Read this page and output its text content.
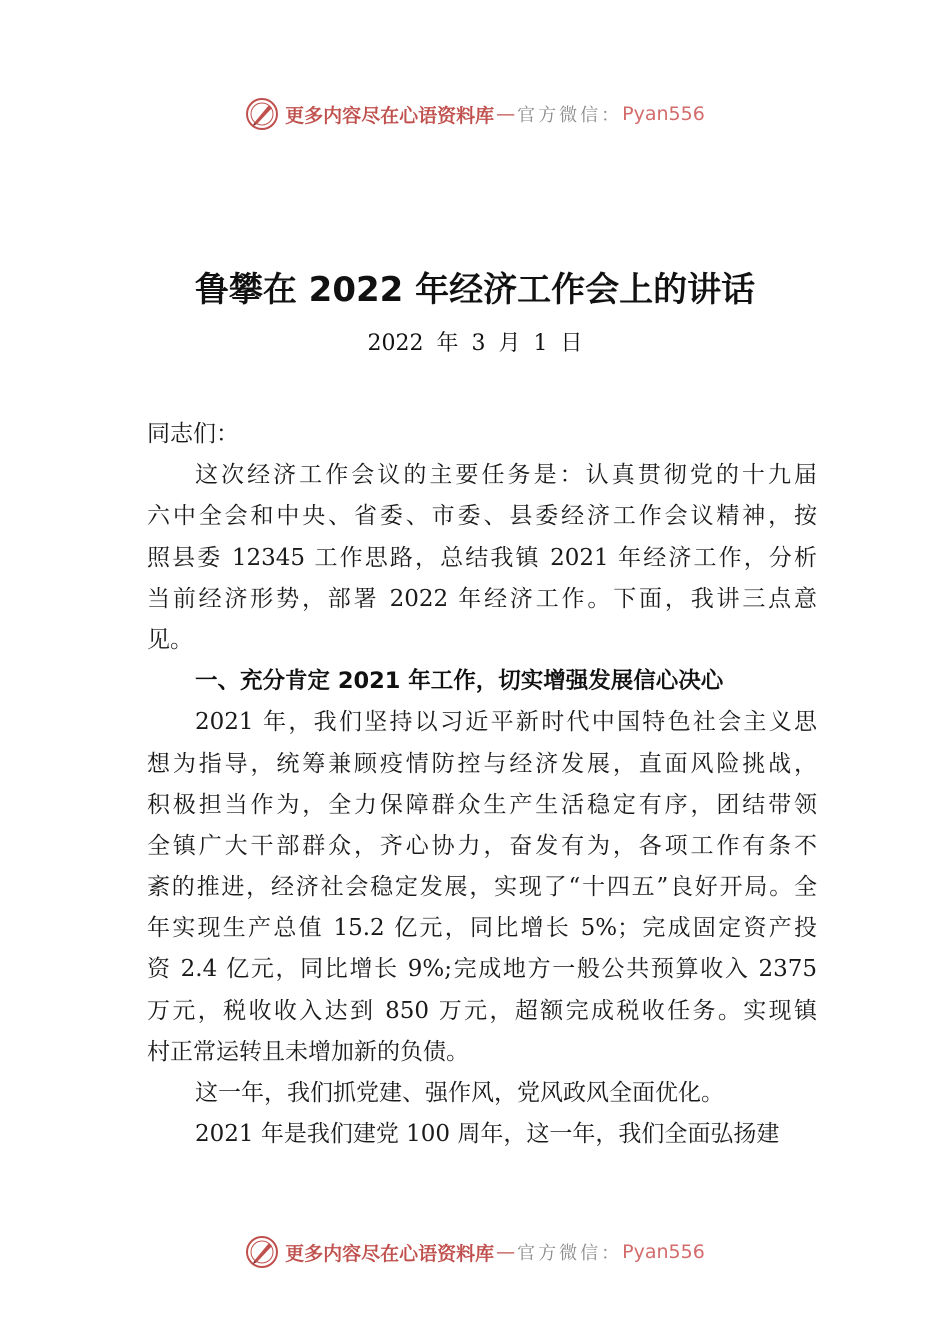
更多内容尽在心语资料库 — 官方微信： Pyan556
鲁攀在 2022 年经济工作会上的讲话
2022 年 3 月 1 日
同志们：
这次经济工作会议的主要任务是：认真贯彻党的十九届
六中全会和中央、省委、市委、县委经济工作会议精神，按
照县委 12345 工作思路，总结我镇 2021 年经济工作，分析
当前经济形势，部署 2022 年经济工作。下面，我讲三点意
见。
一、充分肯定 2021 年工作，切实增强发展信心决心
2021 年，我们坚持以习近平新时代中国特色社会主义思
想为指导，统筹兼顾疫情防控与经济发展，直面风险挑战，
积极担当作为，全力保障群众生产生活稳定有序，团结带领
全镇广大干部群众，齐心协力，奋发有为，各项工作有条不
紊的推进，经济社会稳定发展，实现了“十四五”良好开局。全
年实现生产总值 15.2 亿元，同比增长 5%；完成固定资产投
资 2.4 亿元，同比增长 9%;完成地方一般公共预算收入 2375
万元，税收收入达到 850 万元，超额完成税收任务。实现镇
村正常运转且未增加新的负债。
这一年，我们抓党建、强作风，党风政风全面优化。
2021 年是我们建党 100 周年，这一年，我们全面弘扬建
更多内容尽在心语资料库 — 官方微信： Pyan556
